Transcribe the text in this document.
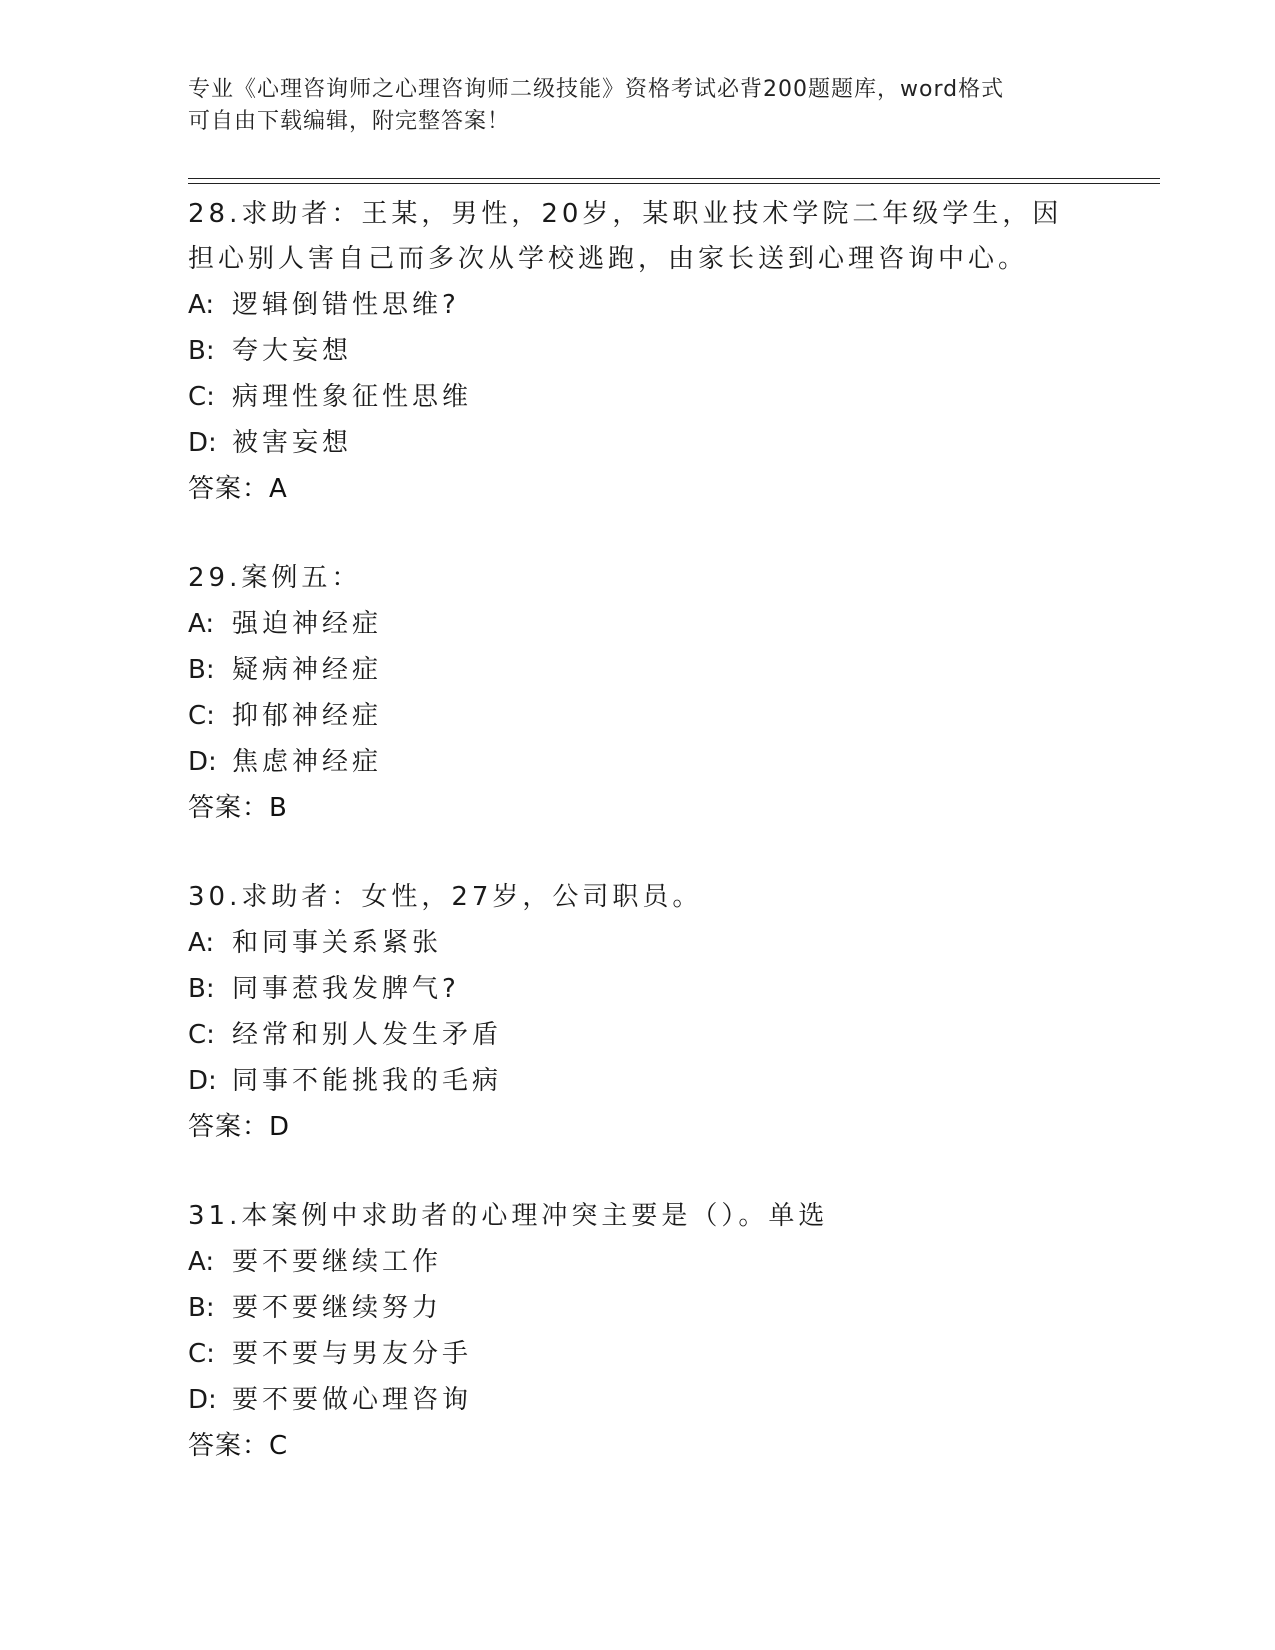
专业《心理咨询师之心理咨询师二级技能》资格考试必背200题题库，word格式
可自由下载编辑，附完整答案！
28.求助者：王某，男性，20岁，某职业技术学院二年级学生，因担心别人害自己而多次从学校逃跑，由家长送到心理咨询中心。
A: 逻辑倒错性思维?
B: 夸大妄想
C: 病理性象征性思维
D: 被害妄想
答案：A
29.案例五：
A: 强迫神经症
B: 疑病神经症
C: 抑郁神经症
D: 焦虑神经症
答案：B
30.求助者：女性，27岁，公司职员。
A: 和同事关系紧张
B: 同事惹我发脾气?
C: 经常和别人发生矛盾
D: 同事不能挑我的毛病
答案：D
31.本案例中求助者的心理冲突主要是（）。单选
A: 要不要继续工作
B: 要不要继续努力
C: 要不要与男友分手
D: 要不要做心理咨询
答案：C
